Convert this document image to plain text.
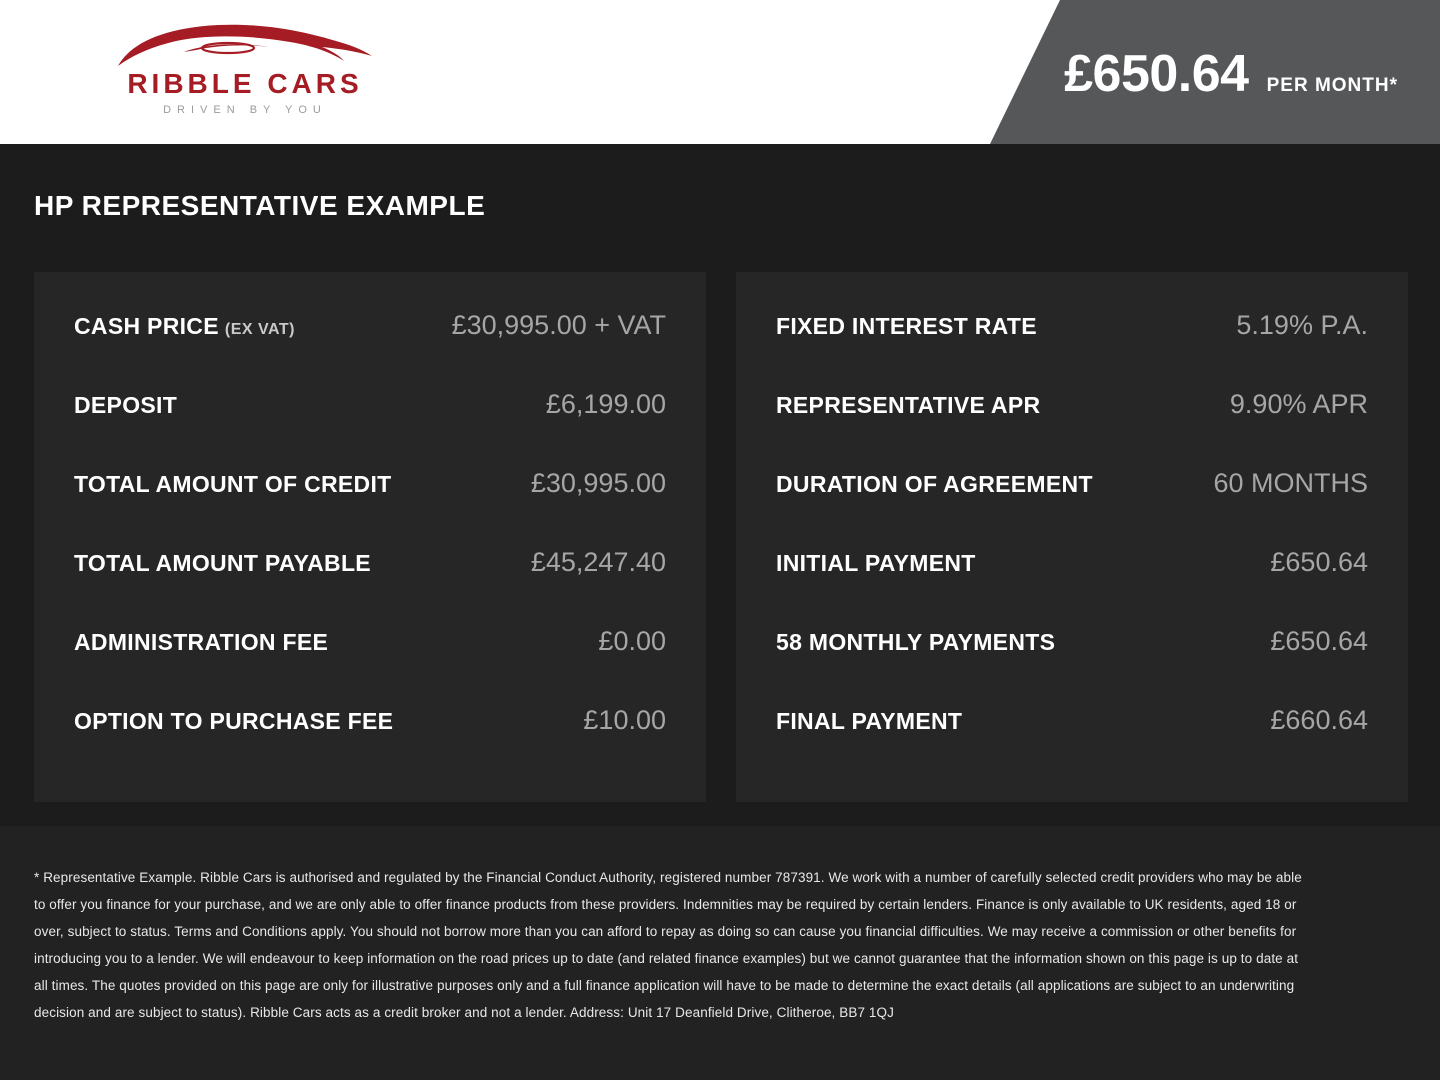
RIBBLE CARS
DRIVEN BY YOU
£650.64 PER MONTH*
HP REPRESENTATIVE EXAMPLE
CASH PRICE (EX VAT)	£30,995.00 + VAT
DEPOSIT	£6,199.00
TOTAL AMOUNT OF CREDIT	£30,995.00
TOTAL AMOUNT PAYABLE	£45,247.40
ADMINISTRATION FEE	£0.00
OPTION TO PURCHASE FEE	£10.00
FIXED INTEREST RATE	5.19% P.A.
REPRESENTATIVE APR	9.90% APR
DURATION OF AGREEMENT	60 MONTHS
INITIAL PAYMENT	£650.64
58 MONTHLY PAYMENTS	£650.64
FINAL PAYMENT	£660.64

* Representative Example. Ribble Cars is authorised and regulated by the Financial Conduct Authority, registered number 787391. We work with a number of carefully selected credit providers who may be able to offer you finance for your purchase, and we are only able to offer finance products from these providers. Indemnities may be required by certain lenders. Finance is only available to UK residents, aged 18 or over, subject to status. Terms and Conditions apply. You should not borrow more than you can afford to repay as doing so can cause you financial difficulties. We may receive a commission or other benefits for introducing you to a lender. We will endeavour to keep information on the road prices up to date (and related finance examples) but we cannot guarantee that the information shown on this page is up to date at all times. The quotes provided on this page are only for illustrative purposes only and a full finance application will have to be made to determine the exact details (all applications are subject to an underwriting decision and are subject to status). Ribble Cars acts as a credit broker and not a lender. Address: Unit 17 Deanfield Drive, Clitheroe, BB7 1QJ
